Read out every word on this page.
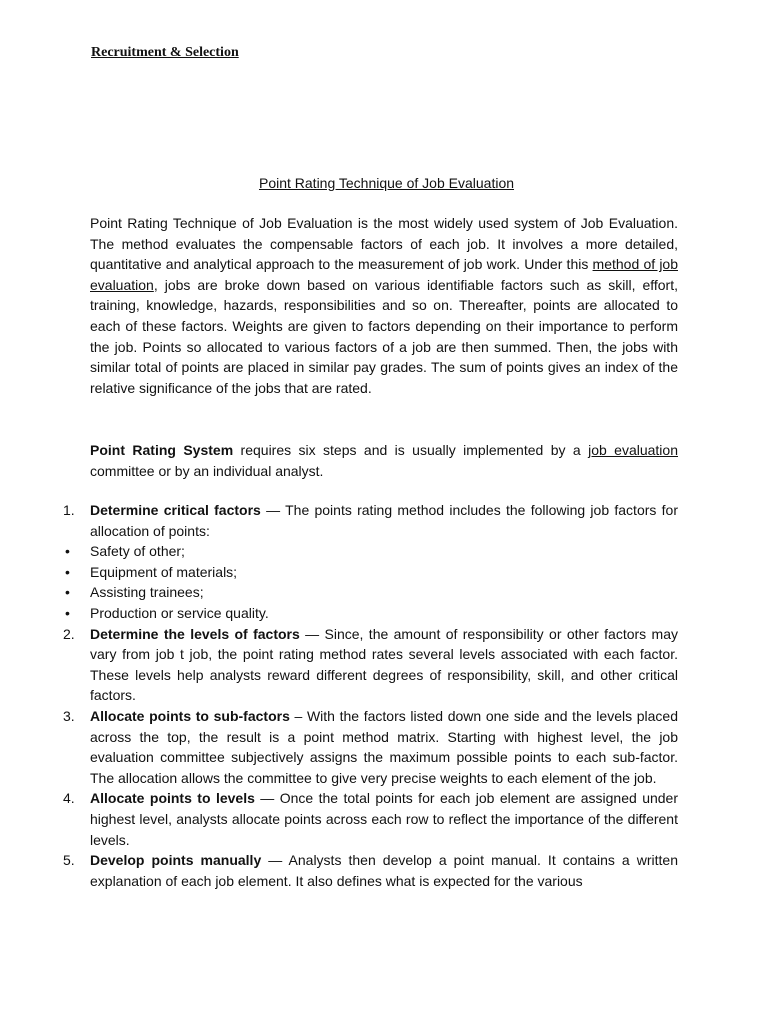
Recruitment & Selection
Point Rating Technique of Job Evaluation
Point Rating Technique of Job Evaluation is the most widely used system of Job Evaluation. The method evaluates the compensable factors of each job. It involves a more detailed, quantitative and analytical approach to the measurement of job work. Under this method of job evaluation, jobs are broke down based on various identifiable factors such as skill, effort, training, knowledge, hazards, responsibilities and so on. Thereafter, points are allocated to each of these factors. Weights are given to factors depending on their importance to perform the job. Points so allocated to various factors of a job are then summed. Then, the jobs with similar total of points are placed in similar pay grades. The sum of points gives an index of the relative significance of the jobs that are rated.
Point Rating System requires six steps and is usually implemented by a job evaluation committee or by an individual analyst.
1.	Determine critical factors — The points rating method includes the following job factors for allocation of points:
•	Safety of other;
•	Equipment of materials;
•	Assisting trainees;
•	Production or service quality.
2.	Determine the levels of factors — Since, the amount of responsibility or other factors may vary from job t job, the point rating method rates several levels associated with each factor. These levels help analysts reward different degrees of responsibility, skill, and other critical factors.
3.	Allocate points to sub-factors – With the factors listed down one side and the levels placed across the top, the result is a point method matrix. Starting with highest level, the job evaluation committee subjectively assigns the maximum possible points to each sub-factor. The allocation allows the committee to give very precise weights to each element of the job.
4.	Allocate points to levels — Once the total points for each job element are assigned under highest level, analysts allocate points across each row to reflect the importance of the different levels.
5.	Develop points manually — Analysts then develop a point manual. It contains a written explanation of each job element. It also defines what is expected for the various
